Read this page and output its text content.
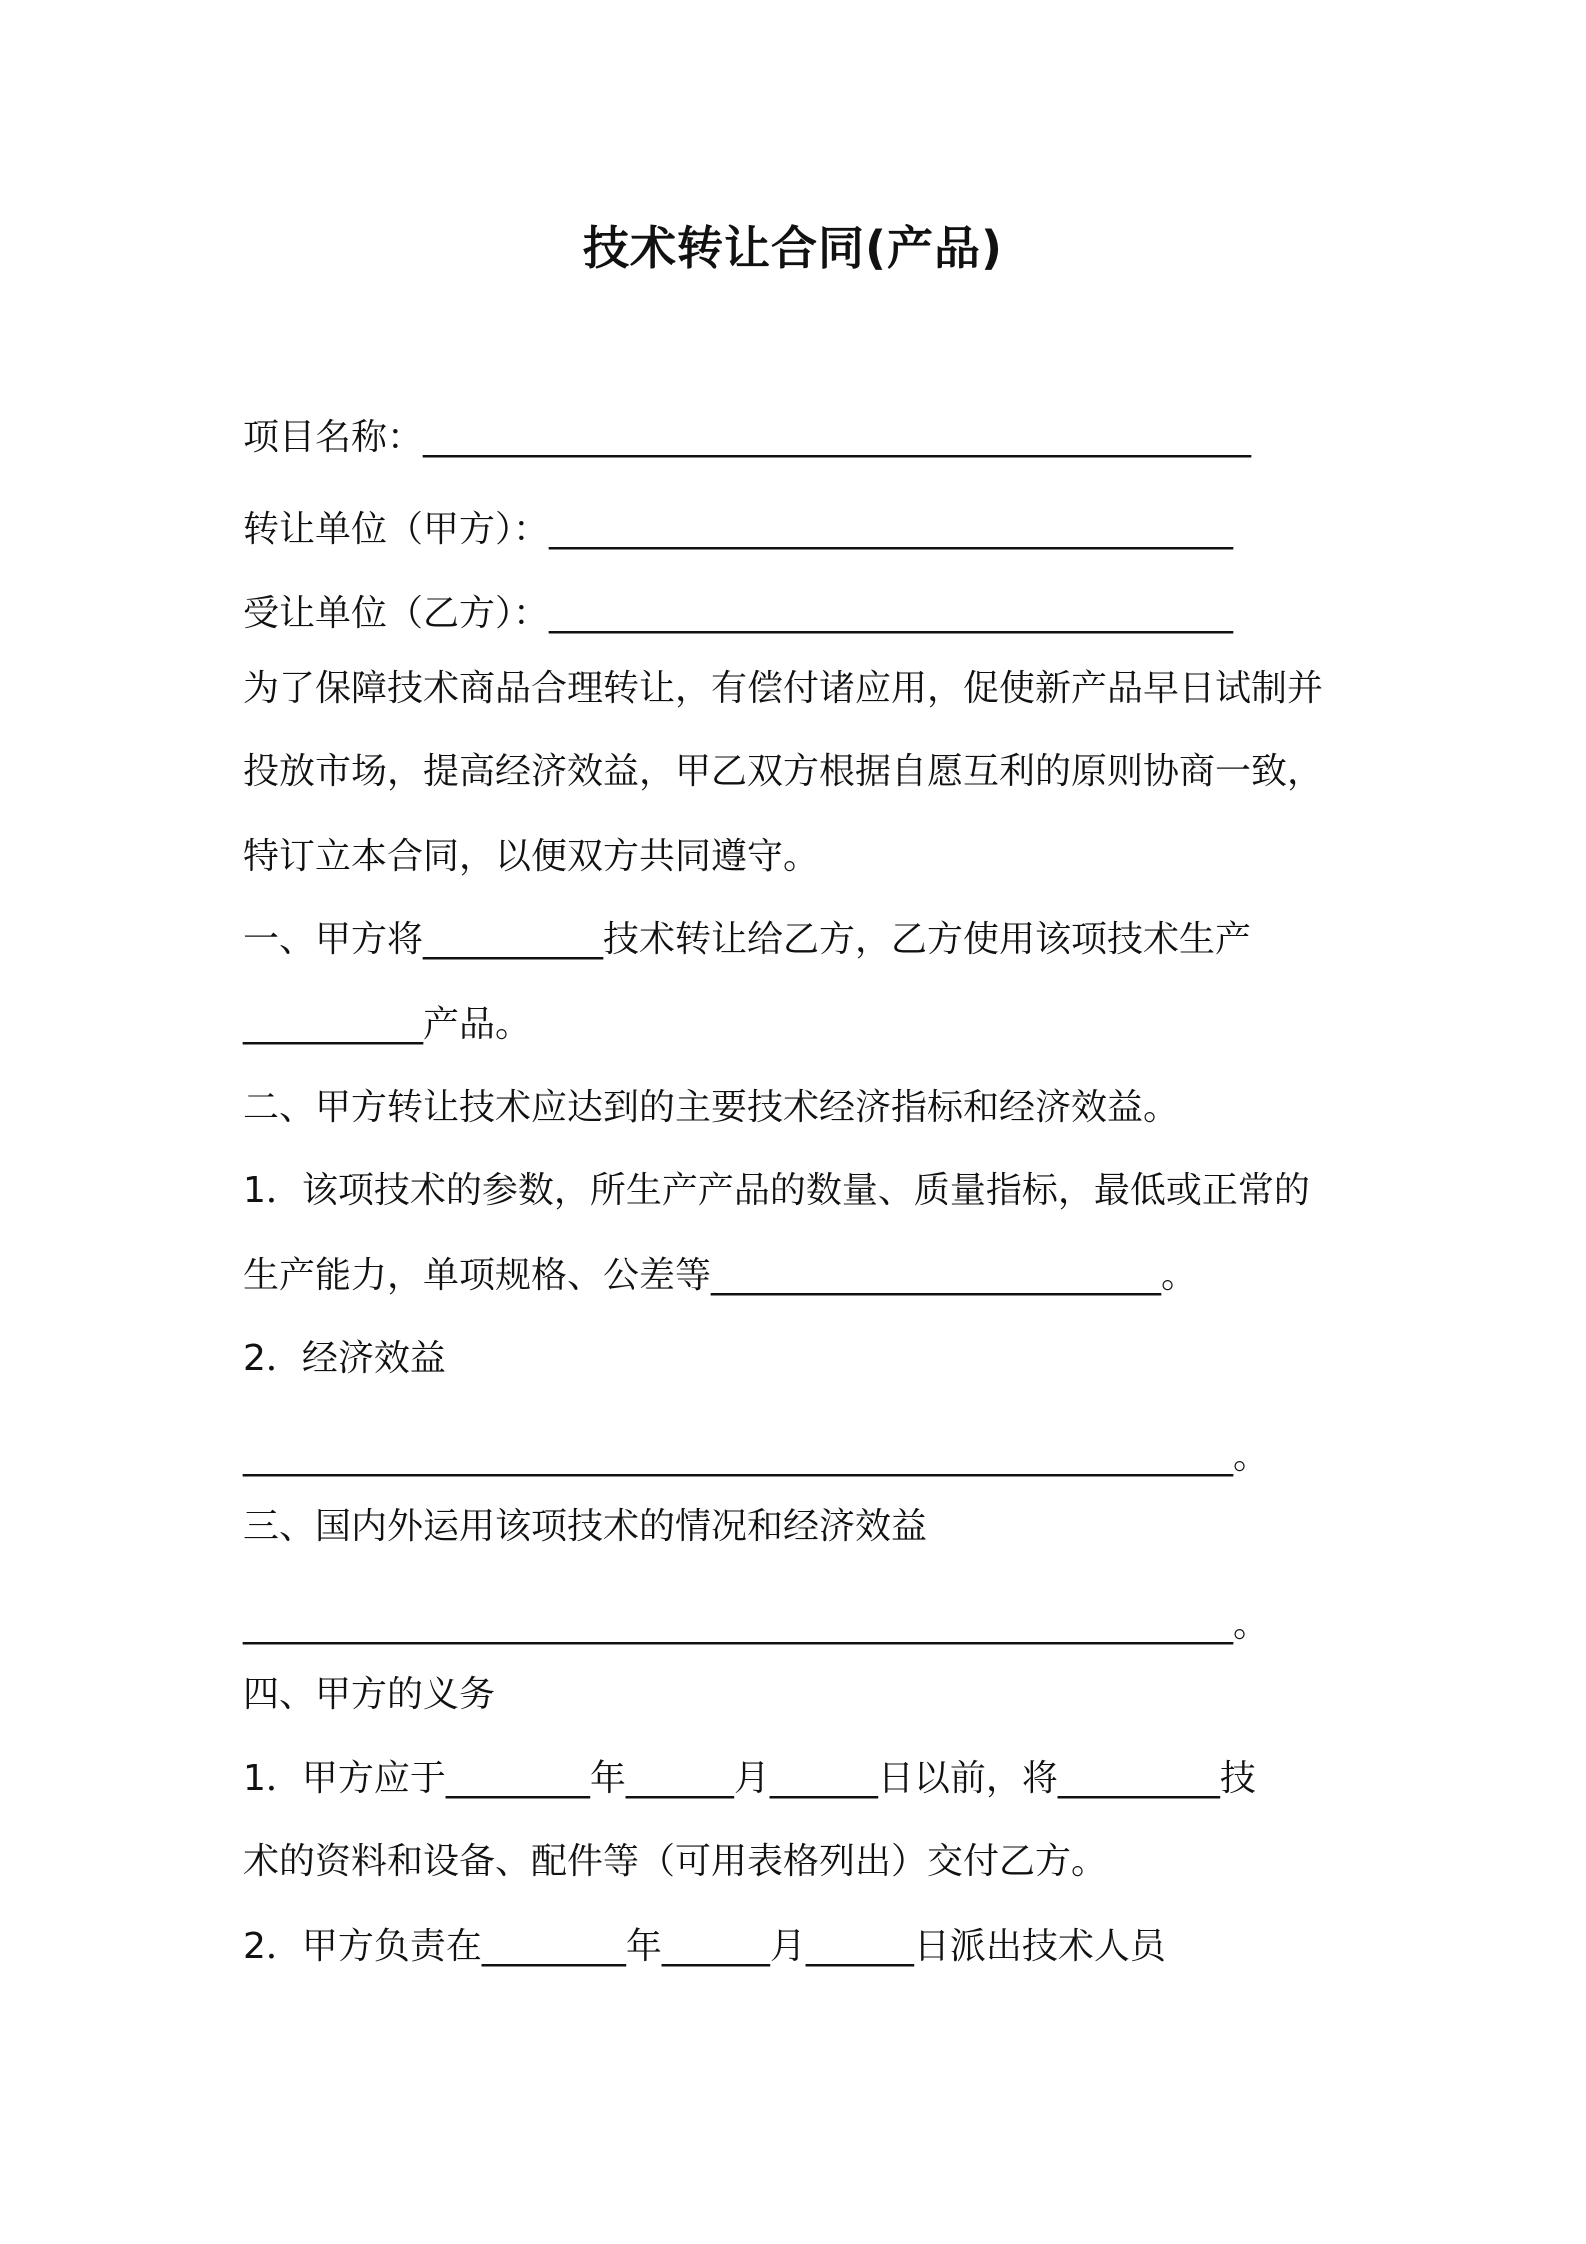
技术转让合同(产品)
项目名称：______________________________________________
转让单位（甲方）：______________________________________
受让单位（乙方）：______________________________________
为了保障技术商品合理转让，有偿付诸应用，促使新产品早日试制并
投放市场，提高经济效益，甲乙双方根据自愿互利的原则协商一致，
特订立本合同，以便双方共同遵守。
一、甲方将__________技术转让给乙方，乙方使用该项技术生产
__________产品。
二、甲方转让技术应达到的主要技术经济指标和经济效益。
1．该项技术的参数，所生产产品的数量、质量指标，最低或正常的
生产能力，单项规格、公差等_________________________。
2．经济效益
_______________________________________________________。
三、国内外运用该项技术的情况和经济效益
_______________________________________________________。
四、甲方的义务
1．甲方应于________年______月______日以前，将_________技
术的资料和设备、配件等（可用表格列出）交付乙方。
2．甲方负责在________年______月______日派出技术人员
